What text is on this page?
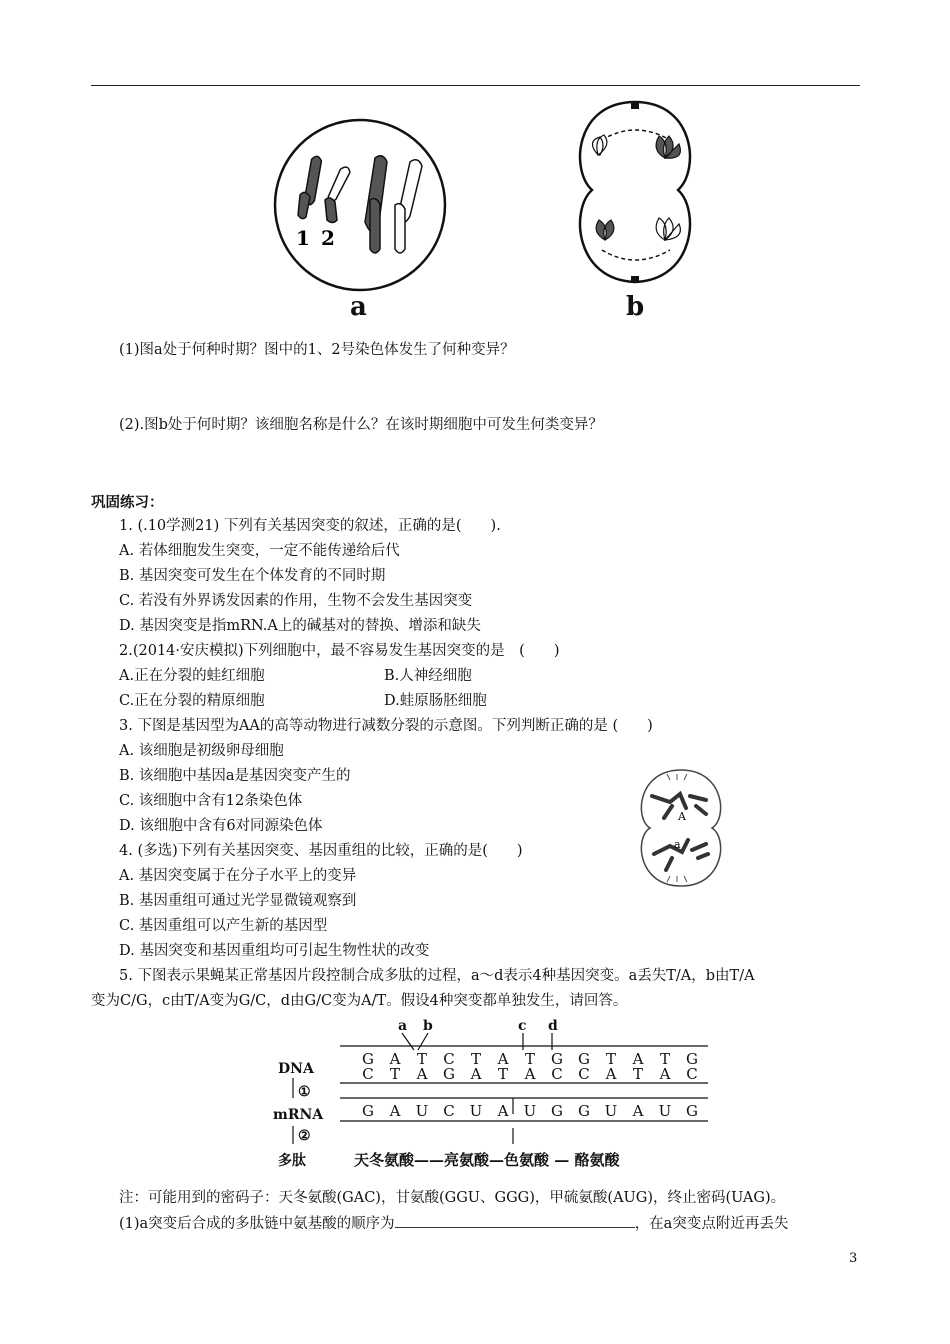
1 2
a	b
(1)图a处于何种时期？图中的1、2号染色体发生了何种变异？
(2).图b处于何时期？该细胞名称是什么？在该时期细胞中可发生何类变异？
巩固练习：
1. (.10学测21) 下列有关基因突变的叙述，正确的是(　　).
A. 若体细胞发生突变，一定不能传递给后代
B. 基因突变可发生在个体发育的不同时期
C. 若没有外界诱发因素的作用，生物不会发生基因突变
D. 基因突变是指mRN.A上的碱基对的替换、增添和缺失
2.(2014·安庆模拟)下列细胞中，最不容易发生基因突变的是　(　　)
A.正在分裂的蛙红细胞	B.人神经细胞
C.正在分裂的精原细胞	D.蛙原肠胚细胞
3. 下图是基因型为AA的高等动物进行减数分裂的示意图。下列判断正确的是 (　　)
A. 该细胞是初级卵母细胞
B. 该细胞中基因a是基因突变产生的
C. 该细胞中含有12条染色体
D. 该细胞中含有6对同源染色体
4. (多选)下列有关基因突变、基因重组的比较，正确的是(　　)
A. 基因突变属于在分子水平上的变异
B. 基因重组可通过光学显微镜观察到
C. 基因重组可以产生新的基因型
D. 基因突变和基因重组均可引起生物性状的改变
5. 下图表示果蝇某正常基因片段控制合成多肽的过程，a～d表示4种基因突变。a丢失T/A，b由T/A
变为C/G，c由T/A变为G/C，d由G/C变为A/T。假设4种突变都单独发生，请回答。
A
a
DNA
①
mRNA
②
多肽
a b	c d
G A T C T A T G G T A T G
C T A G A T A C C A T A C
G A U C U A U G G U A U G
天冬氨酸——亮氨酸—色氨酸 — 酪氨酸
注：可能用到的密码子：天冬氨酸(GAC)，甘氨酸(GGU、GGG)，甲硫氨酸(AUG)，终止密码(UAG)。
(1)a突变后合成的多肽链中氨基酸的顺序为	，在a突变点附近再丢失
3
